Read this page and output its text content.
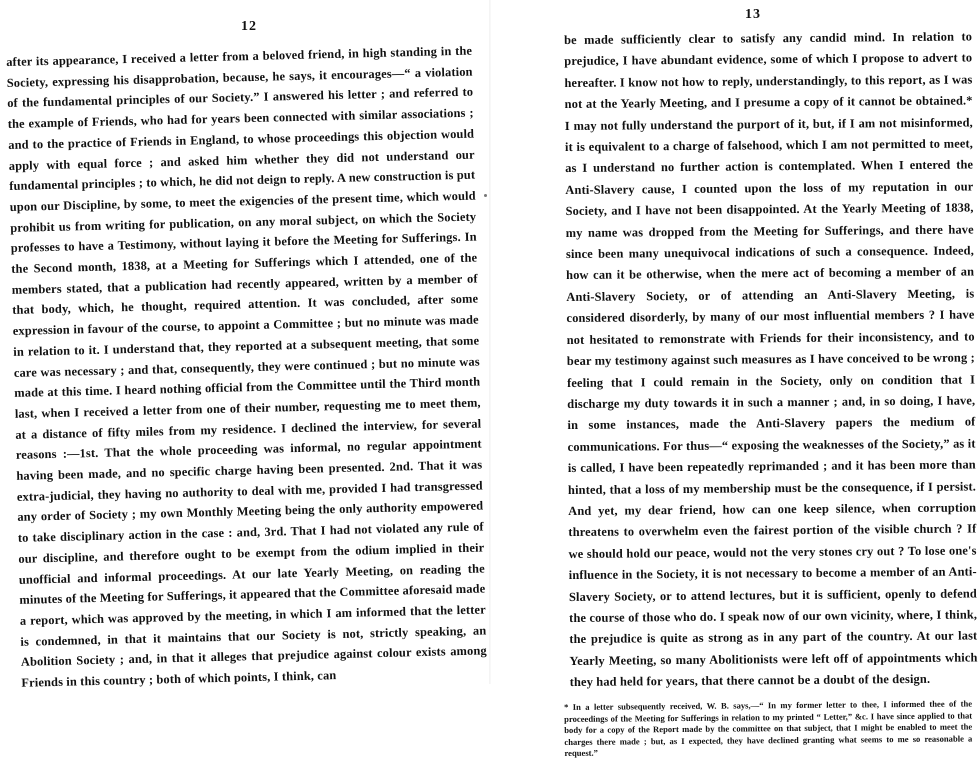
12

after its appearance, I received a letter from a beloved friend, in high standing in the Society, expressing his disapprobation, because, he says, it encourages—“ a violation of the fundamental principles of our Society.” I answered his letter ; and referred to the example of Friends, who had for years been connected with similar associations ; and to the practice of Friends in England, to whose proceedings this objection would apply with equal force ; and asked him whether they did not understand our fundamental principles ; to which, he did not deign to reply. A new construction is put upon our Discipline, by some, to meet the exigencies of the present time, which would prohibit us from writing for publication, on any moral subject, on which the Society professes to have a Testimony, without laying it before the Meeting for Sufferings. In the Second month, 1838, at a Meeting for Sufferings which I attended, one of the members stated, that a publication had recently appeared, written by a member of that body, which, he thought, required attention. It was concluded, after some expression in favour of the course, to appoint a Committee ; but no minute was made in relation to it. I understand that, they reported at a subsequent meeting, that some care was necessary ; and that, consequently, they were continued ; but no minute was made at this time. I heard nothing official from the Committee until the Third month last, when I received a letter from one of their number, requesting me to meet them, at a distance of fifty miles from my residence. I declined the interview, for several reasons :—1st. That the whole proceeding was informal, no regular appointment having been made, and no specific charge having been presented. 2nd. That it was extra-judicial, they having no authority to deal with me, provided I had transgressed any order of Society ; my own Monthly Meeting being the only authority empowered to take disciplinary action in the case : and, 3rd. That I had not violated any rule of our discipline, and therefore ought to be exempt from the odium implied in their unofficial and informal proceedings. At our late Yearly Meeting, on reading the minutes of the Meeting for Sufferings, it appeared that the Committee aforesaid made a report, which was approved by the meeting, in which I am informed that the letter is condemned, in that it maintains that our Society is not, strictly speaking, an Abolition Society ; and, in that it alleges that prejudice against colour exists among Friends in this country ; both of which points, I think, can

13

be made sufficiently clear to satisfy any candid mind. In relation to prejudice, I have abundant evidence, some of which I propose to advert to hereafter. I know not how to reply, understandingly, to this report, as I was not at the Yearly Meeting, and I presume a copy of it cannot be obtained.* I may not fully understand the purport of it, but, if I am not misinformed, it is equivalent to a charge of falsehood, which I am not permitted to meet, as I understand no further action is contemplated. When I entered the Anti-Slavery cause, I counted upon the loss of my reputation in our Society, and I have not been disappointed. At the Yearly Meeting of 1838, my name was dropped from the Meeting for Sufferings, and there have since been many unequivocal indications of such a consequence. Indeed, how can it be otherwise, when the mere act of becoming a member of an Anti-Slavery Society, or of attending an Anti-Slavery Meeting, is considered disorderly, by many of our most influential members ? I have not hesitated to remonstrate with Friends for their inconsistency, and to bear my testimony against such measures as I have conceived to be wrong ; feeling that I could remain in the Society, only on condition that I discharge my duty towards it in such a manner ; and, in so doing, I have, in some instances, made the Anti-Slavery papers the medium of communications. For thus—“ exposing the weaknesses of the Society,” as it is called, I have been repeatedly reprimanded ; and it has been more than hinted, that a loss of my membership must be the consequence, if I persist. And yet, my dear friend, how can one keep silence, when corruption threatens to overwhelm even the fairest portion of the visible church ? If we should hold our peace, would not the very stones cry out ? To lose one's influence in the Society, it is not necessary to become a member of an Anti-Slavery Society, or to attend lectures, but it is sufficient, openly to defend the course of those who do. I speak now of our own vicinity, where, I think, the prejudice is quite as strong as in any part of the country. At our last Yearly Meeting, so many Abolitionists were left off of appointments which they had held for years, that there cannot be a doubt of the design.

* In a letter subsequently received, W. B. says,—“ In my former letter to thee, I informed thee of the proceedings of the Meeting for Sufferings in relation to my printed “ Letter,” &c. I have since applied to that body for a copy of the Report made by the committee on that subject, that I might be enabled to meet the charges there made ; but, as I expected, they have declined granting what seems to me so reasonable a request.”
